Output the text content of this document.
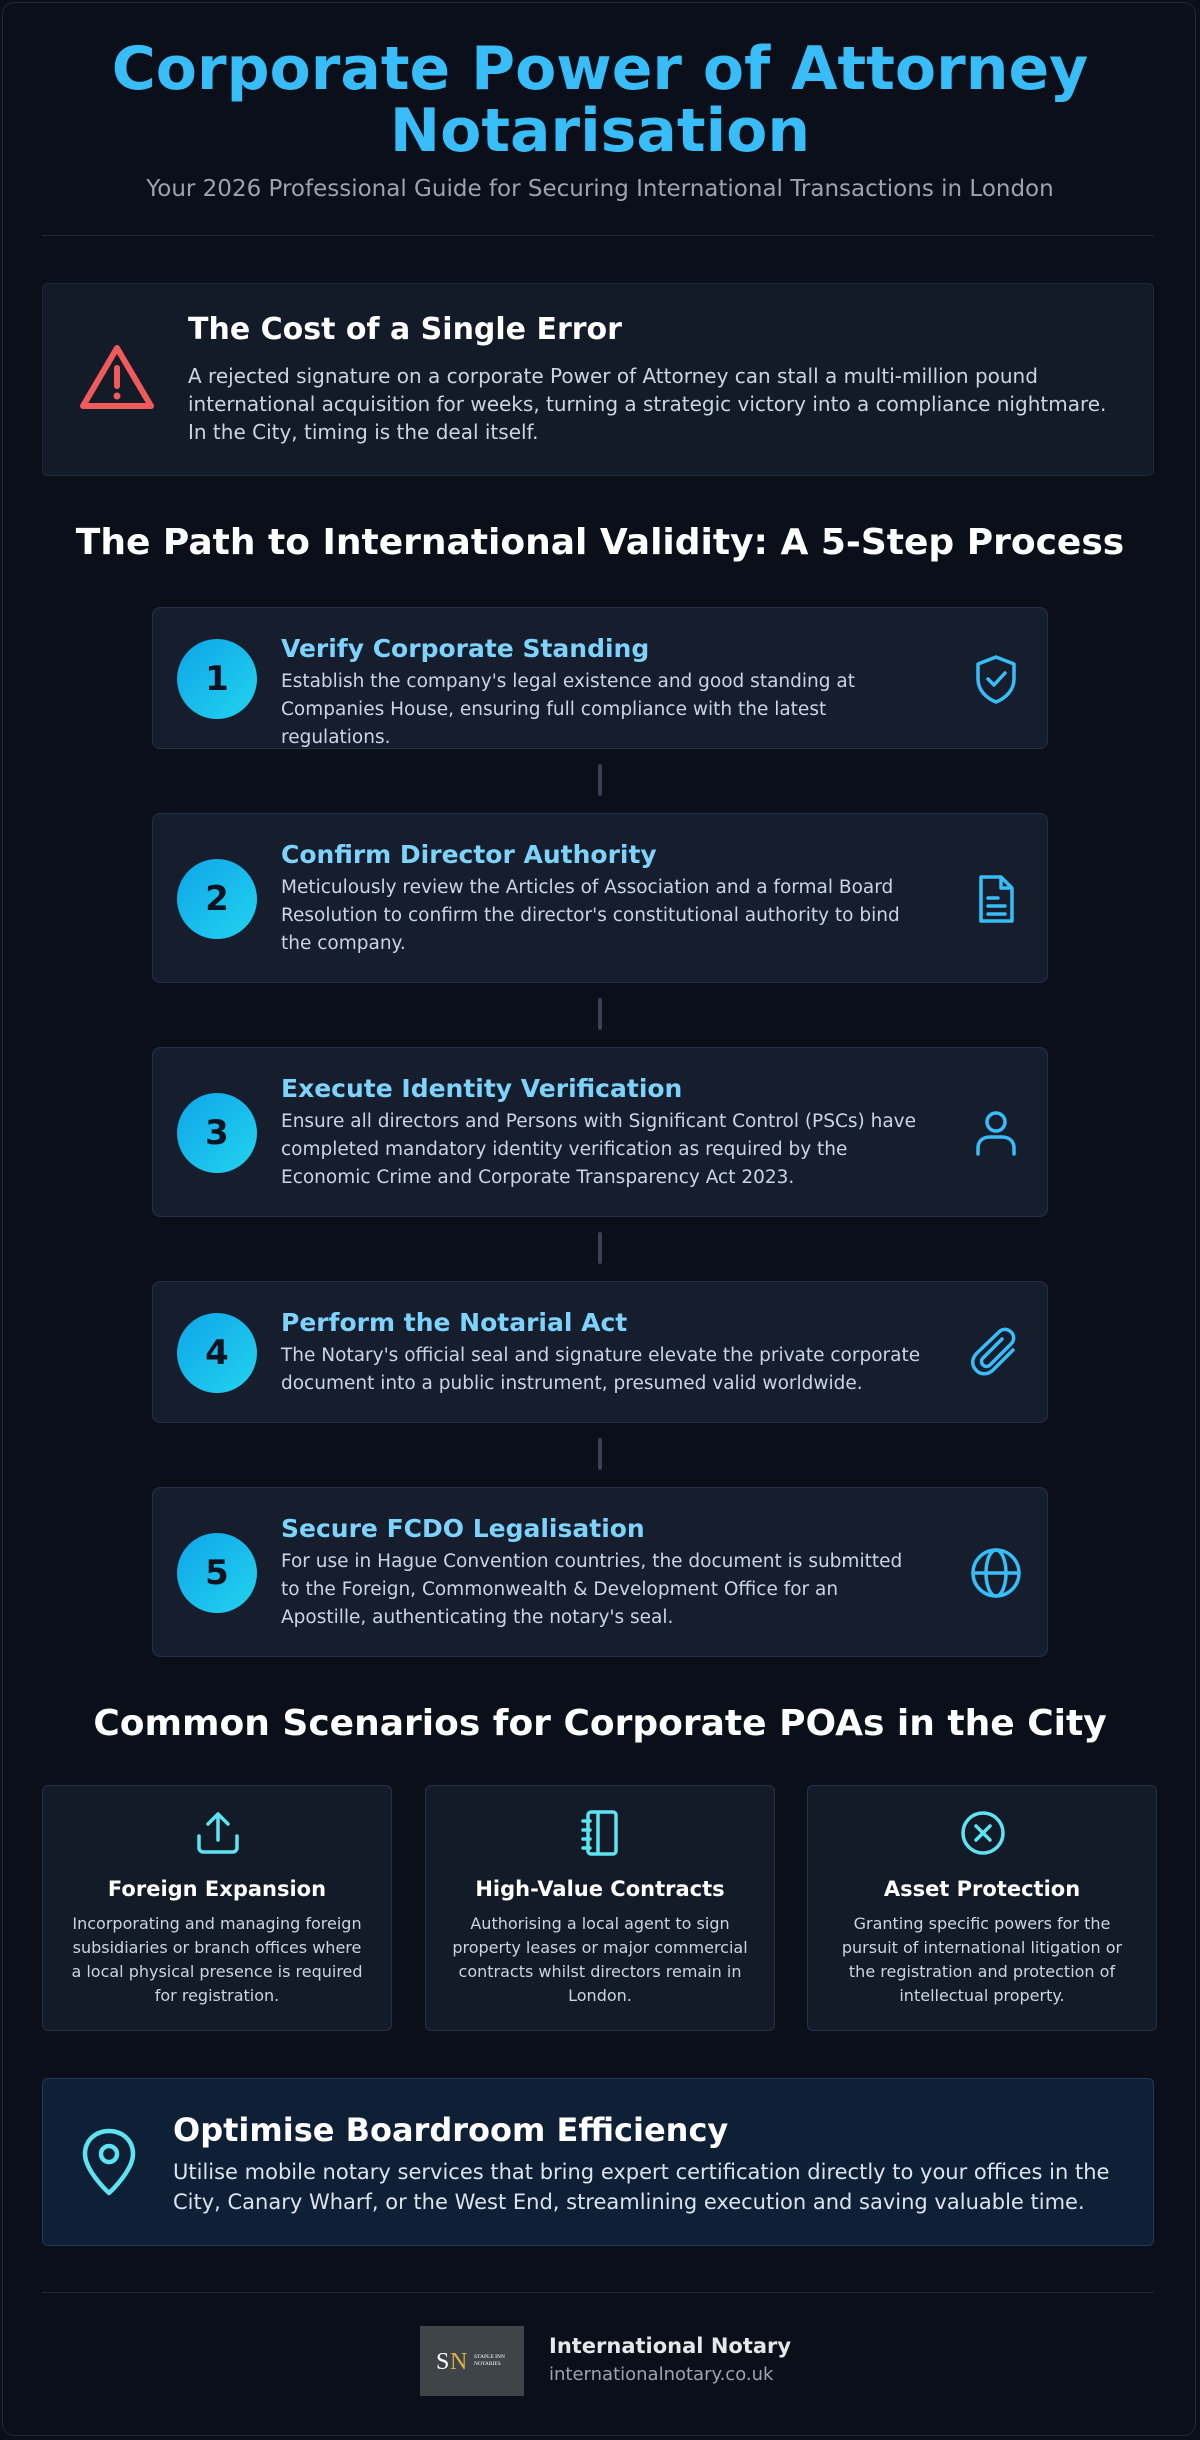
Corporate Power of Attorney Notarisation
Your 2026 Professional Guide for Securing International Transactions in London
The Cost of a Single Error

A rejected signature on a corporate Power of Attorney can stall a multi-million pound international acquisition for weeks, turning a strategic victory into a compliance nightmare. In the City, timing is the deal itself.

The Path to International Validity: A 5-Step Process
1
Verify Corporate Standing

Establish the company's legal existence and good standing at Companies House, ensuring full compliance with the latest regulations.

2
Confirm Director Authority

Meticulously review the Articles of Association and a formal Board Resolution to confirm the director's constitutional authority to bind the company.

3
Execute Identity Verification

Ensure all directors and Persons with Significant Control (PSCs) have completed mandatory identity verification as required by the Economic Crime and Corporate Transparency Act 2023.

4
Perform the Notarial Act

The Notary's official seal and signature elevate the private corporate document into a public instrument, presumed valid worldwide.

5
Secure FCDO Legalisation

For use in Hague Convention countries, the document is submitted to the Foreign, Commonwealth & Development Office for an Apostille, authenticating the notary's seal.

Common Scenarios for Corporate POAs in the City
Foreign Expansion

Incorporating and managing foreign subsidiaries or branch offices where a local physical presence is required for registration.

High-Value Contracts

Authorising a local agent to sign property leases or major commercial contracts whilst directors remain in London.

Asset Protection

Granting specific powers for the pursuit of international litigation or the registration and protection of intellectual property.

Optimise Boardroom Efficiency

Utilise mobile notary services that bring expert certification directly to your offices in the City, Canary Wharf, or the West End, streamlining execution and saving valuable time.

S N STAPLE INN
NOTARIES
International Notary
internationalnotary.co.uk
